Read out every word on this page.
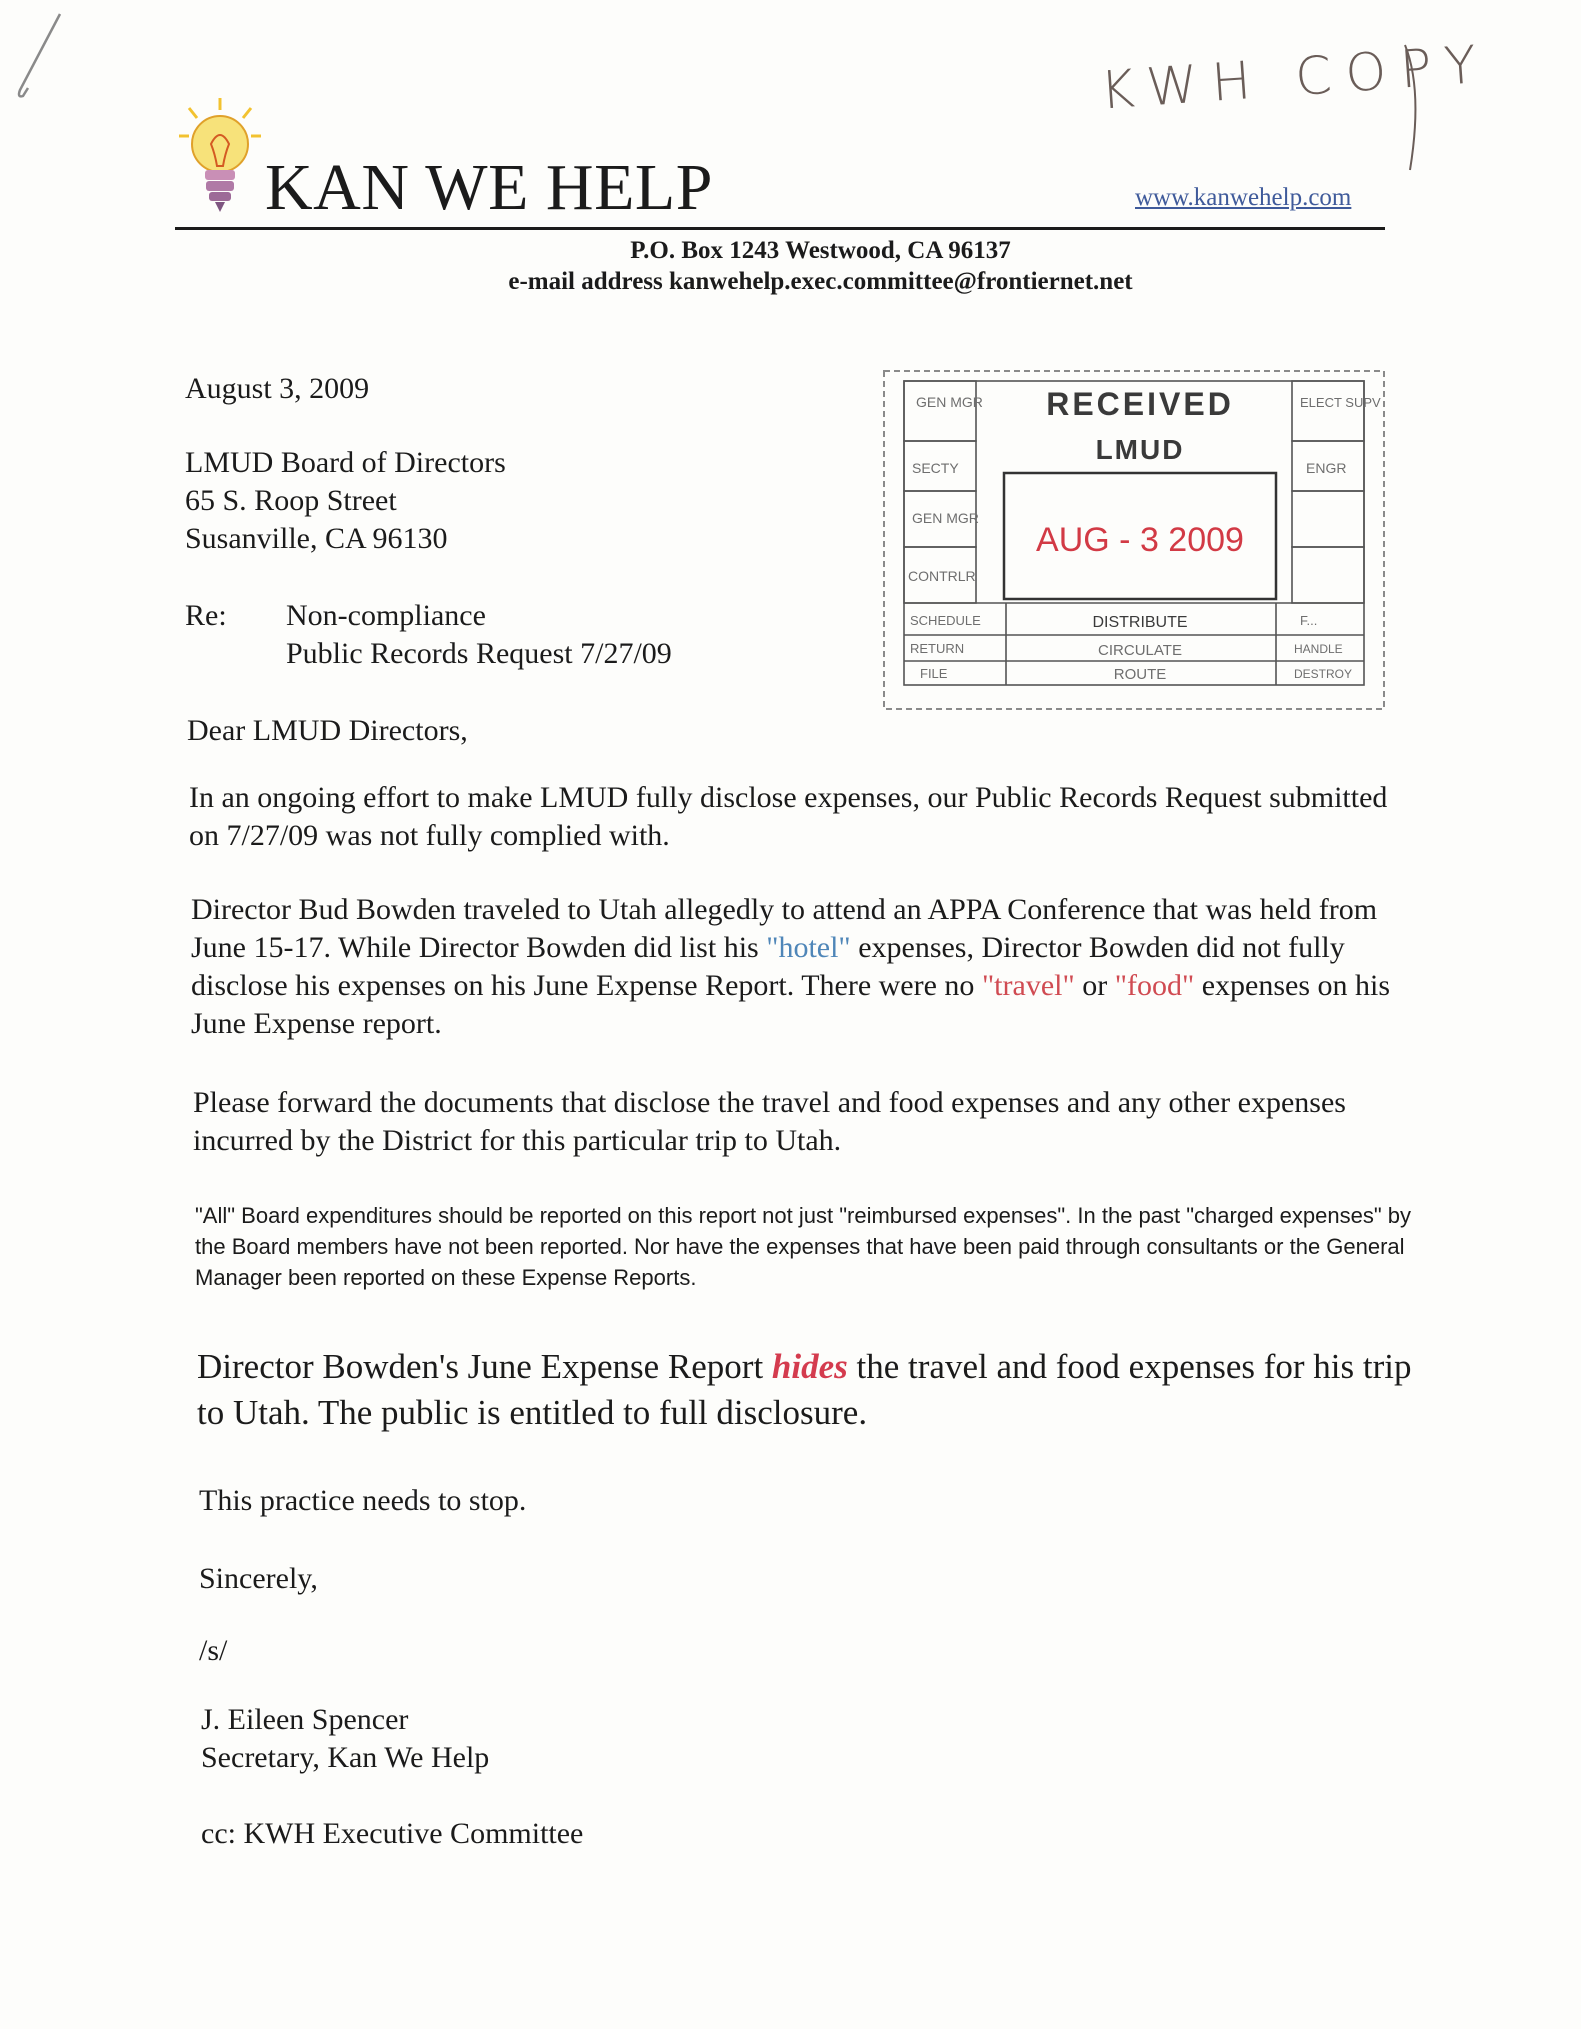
KWH COPY
KAN WE HELP	www.kanwehelp.com
P.O. Box 1243 Westwood, CA 96137
e-mail address kanwehelp.exec.committee@frontiernet.net
RECEIVED
LMUD
AUG - 3 2009
GEN MGR
SECTY
GEN MGR
CONTRLR
SCHEDULE
RETURN
FILE
ELECT SUPV
ENGR
F...
HANDLE
DESTROY
DISTRIBUTE
CIRCULATE
ROUTE
August 3, 2009
LMUD Board of Directors
65 S. Roop Street
Susanville, CA 96130
Re: Non-compliance
Public Records Request 7/27/09
Dear LMUD Directors,
In an ongoing effort to make LMUD fully disclose expenses, our Public Records Request submitted on 7/27/09 was not fully complied with.
Director Bud Bowden traveled to Utah allegedly to attend an APPA Conference that was held from June 15-17. While Director Bowden did list his "hotel" expenses, Director Bowden did not fully disclose his expenses on his June Expense Report. There were no "travel" or "food" expenses on his June Expense report.
Please forward the documents that disclose the travel and food expenses and any other expenses incurred by the District for this particular trip to Utah.
"All" Board expenditures should be reported on this report not just "reimbursed expenses". In the past "charged expenses" by the Board members have not been reported. Nor have the expenses that have been paid through consultants or the General Manager been reported on these Expense Reports.
Director Bowden's June Expense Report hides the travel and food expenses for his trip to Utah. The public is entitled to full disclosure.
This practice needs to stop.
Sincerely,
/s/
J. Eileen Spencer
Secretary, Kan We Help
cc: KWH Executive Committee
